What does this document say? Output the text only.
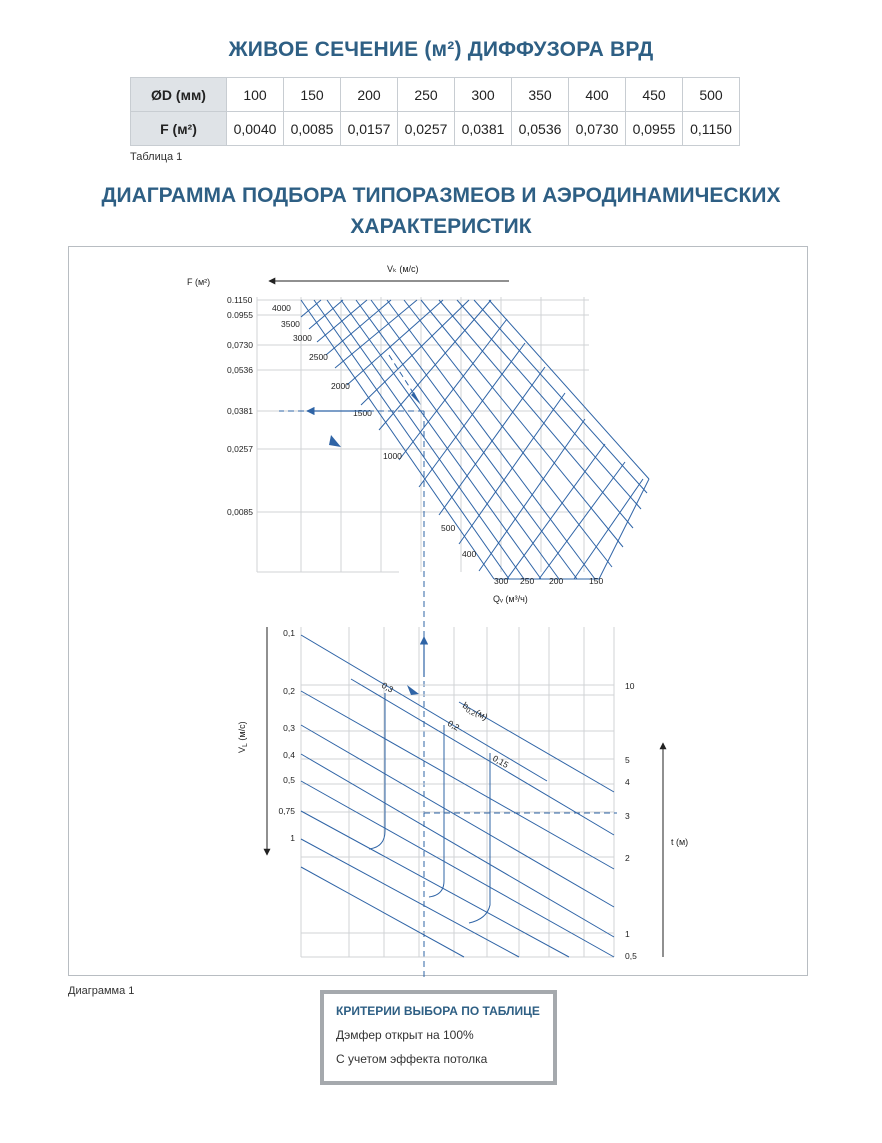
ЖИВОЕ СЕЧЕНИЕ (м²) ДИФФУЗОРА ВРД
ØD (мм)	100	150	200	250	300	350	400	450	500
F (м²)	0,0040	0,0085	0,0157	0,0257	0,0381	0,0536	0,0730	0,0955	0,1150
Таблица 1
ДИАГРАММА ПОДБОРА ТИПОРАЗМЕОВ И АЭРОДИНАМИЧЕСКИХ
ХАРАКТЕРИСТИК
F (м²)
0.1150
0.0955
0,0730
0,0536
0,0381
0,0257
0,0085
Vₖ (м/с)
4000
3500
3000
2500
2000
1500
1000
500
400
300 250 200	150
Qᵥ (м³/ч)
$V_L$ (м/с)
0,1
0,2
0,3
0,4
0,5
0,75
1
10
5
4
3
2
1
0,5
t (м)
0,3
0,2
0,15
$b_{0,2}(м)$
Диаграмма 1
КРИТЕРИИ ВЫБОРА ПО ТАБЛИЦЕ
Дэмфер открыт на 100%
С учетом эффекта потолка
